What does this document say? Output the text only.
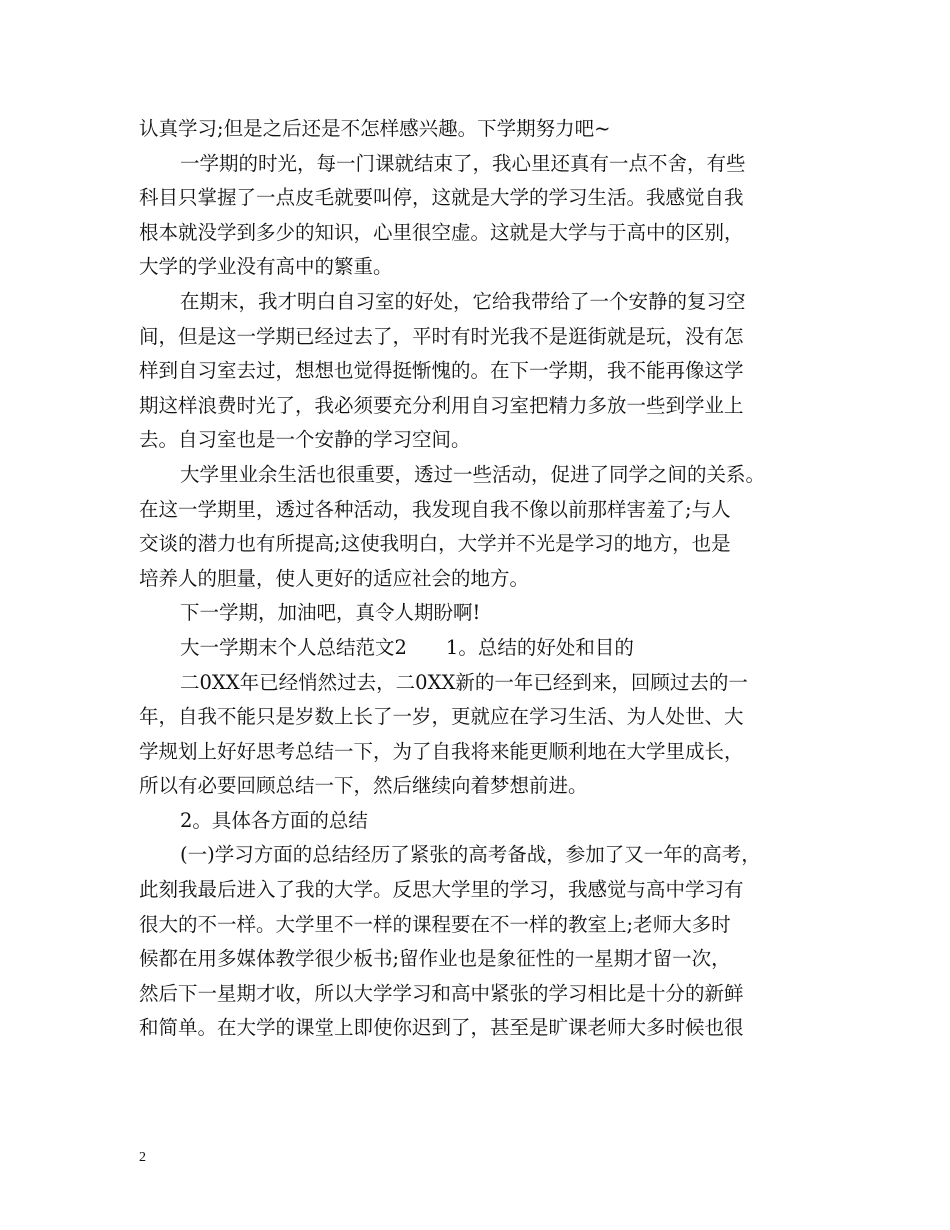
认真学习;但是之后还是不怎样感兴趣。下学期努力吧~
一学期的时光，每一门课就结束了，我心里还真有一点不舍，有些
科目只掌握了一点皮毛就要叫停，这就是大学的学习生活。我感觉自我
根本就没学到多少的知识，心里很空虚。这就是大学与于高中的区别，
大学的学业没有高中的繁重。
在期末，我才明白自习室的好处，它给我带给了一个安静的复习空
间，但是这一学期已经过去了，平时有时光我不是逛街就是玩，没有怎
样到自习室去过，想想也觉得挺惭愧的。在下一学期，我不能再像这学
期这样浪费时光了，我必须要充分利用自习室把精力多放一些到学业上
去。自习室也是一个安静的学习空间。
大学里业余生活也很重要，透过一些活动，促进了同学之间的关系。
在这一学期里，透过各种活动，我发现自我不像以前那样害羞了;与人
交谈的潜力也有所提高;这使我明白，大学并不光是学习的地方，也是
培养人的胆量，使人更好的适应社会的地方。
下一学期，加油吧，真令人期盼啊!
大一学期末个人总结范文2　　1。总结的好处和目的
二0XX年已经悄然过去，二0XX新的一年已经到来，回顾过去的一
年，自我不能只是岁数上长了一岁，更就应在学习生活、为人处世、大
学规划上好好思考总结一下，为了自我将来能更顺利地在大学里成长，
所以有必要回顾总结一下，然后继续向着梦想前进。
2。具体各方面的总结
(一)学习方面的总结经历了紧张的高考备战，参加了又一年的高考，
此刻我最后进入了我的大学。反思大学里的学习，我感觉与高中学习有
很大的不一样。大学里不一样的课程要在不一样的教室上;老师大多时
候都在用多媒体教学很少板书;留作业也是象征性的一星期才留一次，
然后下一星期才收，所以大学学习和高中紧张的学习相比是十分的新鲜
和简单。在大学的课堂上即使你迟到了，甚至是旷课老师大多时候也很
2
